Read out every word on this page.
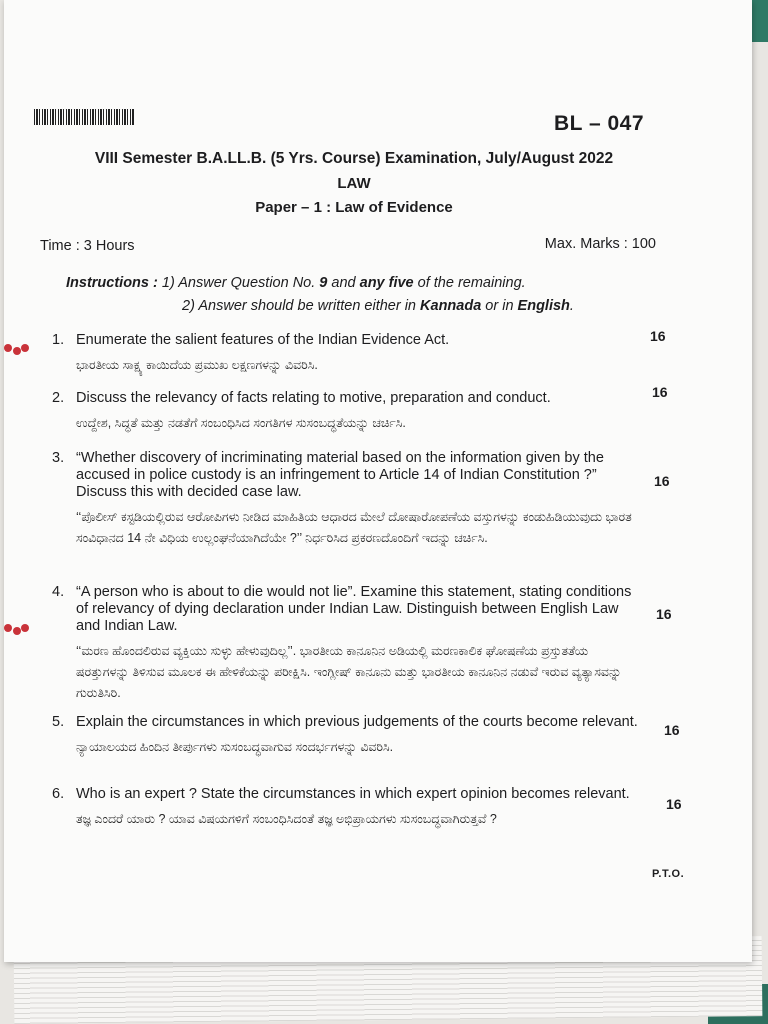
BL – 047
VIII Semester B.A.LL.B. (5 Yrs. Course) Examination, July/August 2022
LAW
Paper – 1 : Law of Evidence
Time : 3 Hours	Max. Marks : 100
Instructions : 1) Answer Question No. 9 and any five of the remaining.
2) Answer should be written either in Kannada or in English.
1. Enumerate the salient features of the Indian Evidence Act.
ಭಾರತೀಯ ಸಾಕ್ಷ್ಯ ಕಾಯಿದೆಯ ಪ್ರಮುಖ ಲಕ್ಷಣಗಳನ್ನು ವಿವರಿಸಿ.
16
2. Discuss the relevancy of facts relating to motive, preparation and conduct.
ಉದ್ದೇಶ, ಸಿದ್ಧತೆ ಮತ್ತು ನಡತೆಗೆ ಸಂಬಂಧಿಸಿದ ಸಂಗತಿಗಳ ಸುಸಂಬದ್ಧತೆಯನ್ನು ಚರ್ಚಿಸಿ.
16
3. “Whether discovery of incriminating material based on the information given by the accused in police custody is an infringement to Article 14 of Indian Constitution ?” Discuss this with decided case law.
‘‘ಪೊಲೀಸ್ ಕಸ್ಟಡಿಯಲ್ಲಿರುವ ಆರೋಪಿಗಳು ನೀಡಿದ ಮಾಹಿತಿಯ ಆಧಾರದ ಮೇಲೆ ದೋಷಾರೋಪಣೆಯ ವಸ್ತುಗಳನ್ನು ಕಂಡುಹಿಡಿಯುವುದು ಭಾರತ ಸಂವಿಧಾನದ 14 ನೇ ವಿಧಿಯ ಉಲ್ಲಂಘನೆಯಾಗಿದೆಯೇ ?’’ ನಿರ್ಧರಿಸಿದ ಪ್ರಕರಣದೊಂದಿಗೆ ಇದನ್ನು ಚರ್ಚಿಸಿ.
16
4. “A person who is about to die would not lie”. Examine this statement, stating conditions of relevancy of dying declaration under Indian Law. Distinguish between English Law and Indian Law.
‘‘ಮರಣ ಹೊಂದಲಿರುವ ವ್ಯಕ್ತಿಯು ಸುಳ್ಳು ಹೇಳುವುದಿಲ್ಲ’’. ಭಾರತೀಯ ಕಾನೂನಿನ ಅಡಿಯಲ್ಲಿ ಮರಣಕಾಲಿಕ ಘೋಷಣೆಯ ಪ್ರಸ್ತುತತೆಯ ಷರತ್ತುಗಳನ್ನು ತಿಳಿಸುವ ಮೂಲಕ ಈ ಹೇಳಿಕೆಯನ್ನು ಪರೀಕ್ಷಿಸಿ. ಇಂಗ್ಲೀಷ್ ಕಾನೂನು ಮತ್ತು ಭಾರತೀಯ ಕಾನೂನಿನ ನಡುವೆ ಇರುವ ವ್ಯತ್ಯಾಸವನ್ನು ಗುರುತಿಸಿರಿ.
16
5. Explain the circumstances in which previous judgements of the courts become relevant.
ನ್ಯಾಯಾಲಯದ ಹಿಂದಿನ ತೀರ್ಪುಗಳು ಸುಸಂಬದ್ಧವಾಗುವ ಸಂದರ್ಭಗಳನ್ನು ವಿವರಿಸಿ.
16
6. Who is an expert ? State the circumstances in which expert opinion becomes relevant.
ತಜ್ಞ ಎಂದರೆ ಯಾರು ? ಯಾವ ವಿಷಯಗಳಿಗೆ ಸಂಬಂಧಿಸಿದಂತೆ ತಜ್ಞ ಅಭಿಪ್ರಾಯಗಳು ಸುಸಂಬದ್ಧವಾಗಿರುತ್ತವೆ ?
16
P.T.O.
